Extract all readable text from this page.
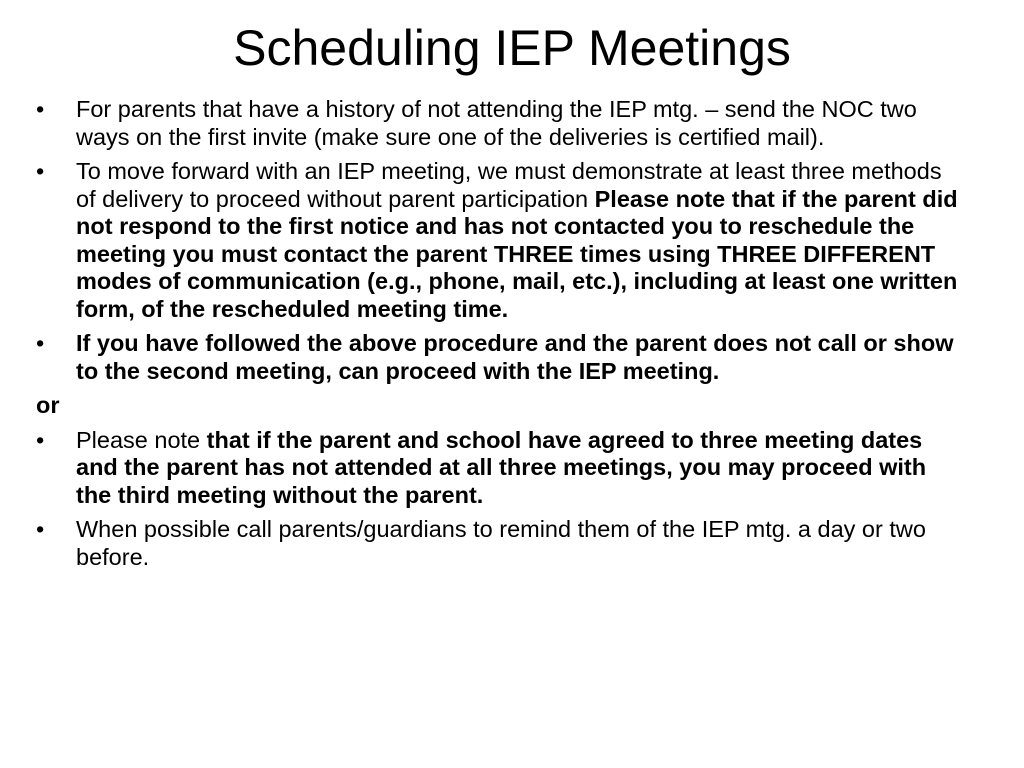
Scheduling IEP Meetings
•	For parents that have a history of not attending the IEP mtg. – send the NOC two ways on the first invite (make sure one of the deliveries is certified mail).
•	To move forward with an IEP meeting, we must demonstrate at least three methods of delivery to proceed without parent participation Please note that if the parent did not respond to the first notice and has not contacted you to reschedule the meeting you must contact the parent THREE times using THREE DIFFERENT modes of communication (e.g., phone, mail, etc.), including at least one written form, of the rescheduled meeting time.
•	If you have followed the above procedure and the parent does not call or show to the second meeting, can proceed with the IEP meeting.
or
•	Please note that if the parent and school have agreed to three meeting dates and the parent has not attended at all three meetings, you may proceed with the third meeting without the parent.
•	When possible call parents/guardians to remind them of the IEP mtg. a day or two before.
